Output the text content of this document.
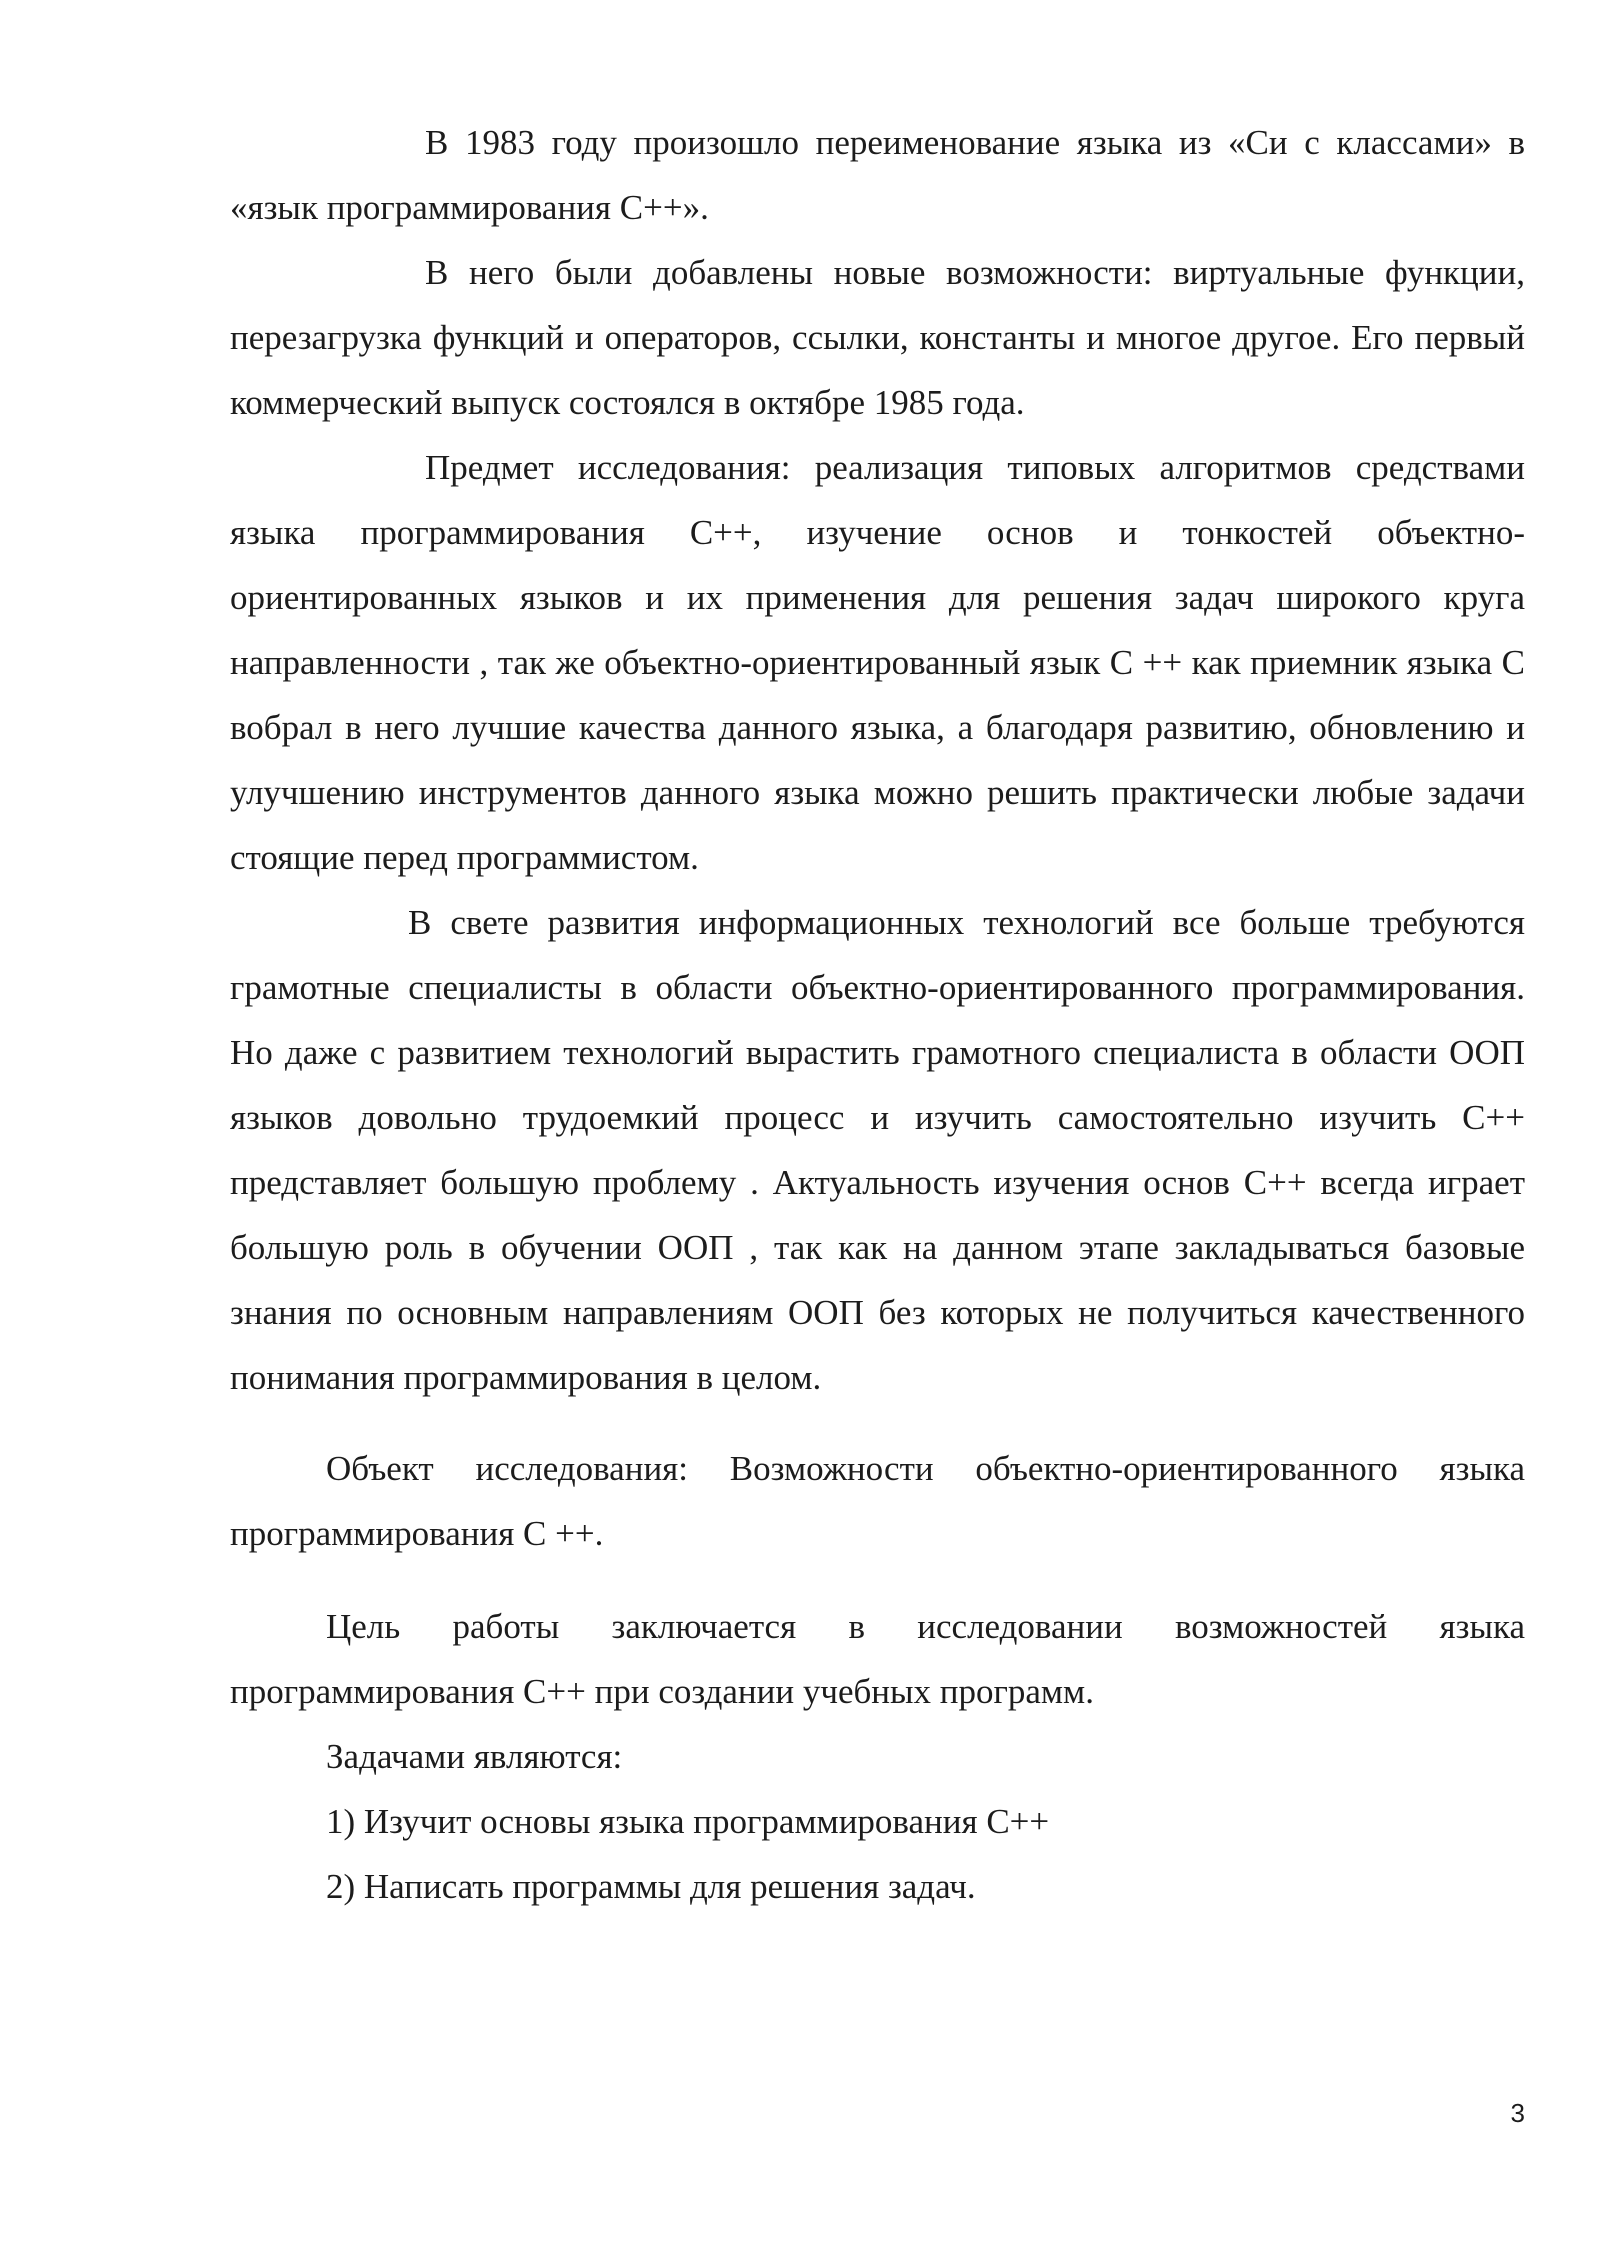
В 1983 году произошло переименование языка из «Си с классами» в «язык программирования С++».

В него были добавлены новые возможности: виртуальные функции, перезагрузка функций и операторов, ссылки, константы и многое другое. Его первый коммерческий выпуск состоялся в октябре 1985 года.

Предмет исследования: реализация типовых алгоритмов средствами языка программирования С++, изучение основ и тонкостей объектно-ориентированных языков и их применения для решения задач широкого круга направленности , так же объектно-ориентированный язык С ++ как приемник языка С вобрал в него лучшие качества данного языка, а благодаря развитию, обновлению и улучшению инструментов данного языка можно решить практически любые задачи стоящие перед программистом.

В свете развития информационных технологий все больше требуются грамотные специалисты в области объектно-ориентированного программирования. Но даже с развитием технологий вырастить грамотного специалиста в области ООП языков довольно трудоемкий процесс и изучить самостоятельно изучить С++ представляет большую проблему . Актуальность изучения основ С++ всегда играет большую роль в обучении ООП , так как на данном этапе закладываться базовые знания по основным направлениям ООП без которых не получиться качественного понимания программирования в целом.

Объект исследования: Возможности объектно-ориентированного языка программирования С ++.

Цель работы заключается в исследовании возможностей языка программирования С++ при создании учебных программ.

Задачами являются:

1) Изучит основы языка программирования С++

2) Написать программы для решения задач.

3
